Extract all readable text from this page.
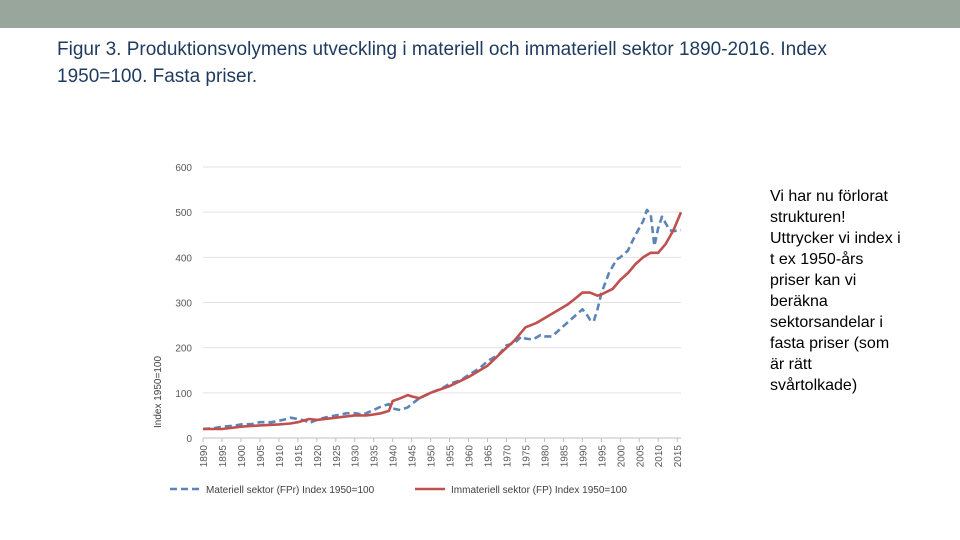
Figur 3. Produktionsvolymens utveckling i materiell och immateriell sektor 1890-2016. Index 1950=100. Fasta priser.
Index 1950=100
0
100
200
300
400
500
600
1890 1895 1900 1905 1910 1915 1920 1925 1930 1935 1940 1945 1950 1955 1960 1965 1970 1975 1980 1985 1990 1995 2000 2005 2010 2015
Materiell sektor (FPr) Index 1950=100	Immateriell sektor (FP) Index 1950=100
Vi har nu förlorat
strukturen!
Uttrycker vi index i
t ex 1950-års
priser kan vi
beräkna
sektorsandelar i
fasta priser (som
är rätt
svårtolkade)
